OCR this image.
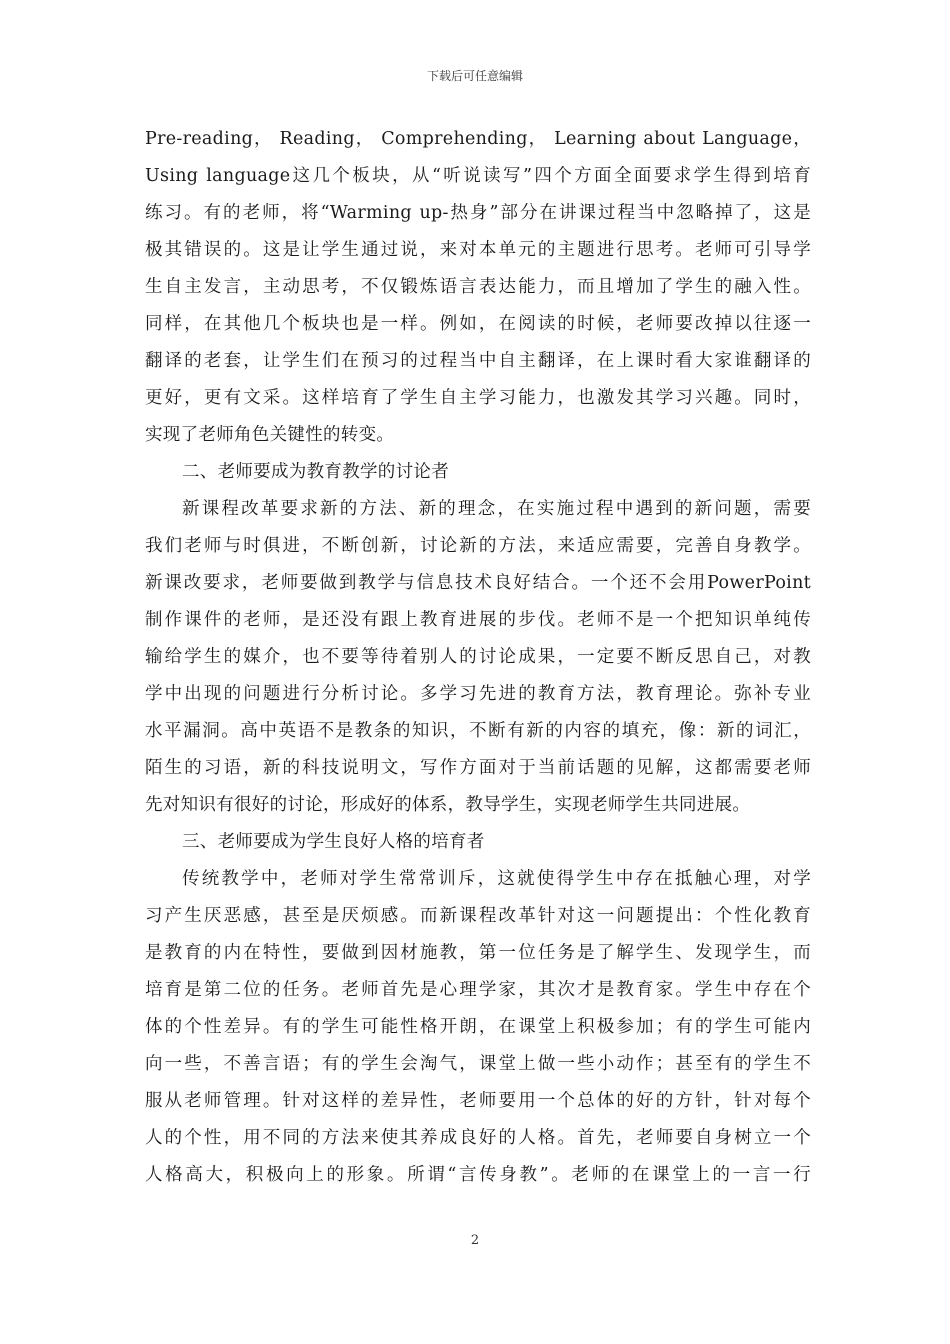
下载后可任意编辑
Pre-reading， Reading， Comprehending， Learning about Language，
Using language这几个板块，从“听说读写”四个方面全面要求学生得到培育
练习。有的老师，将“Warming up-热身”部分在讲课过程当中忽略掉了，这是
极其错误的。这是让学生通过说，来对本单元的主题进行思考。老师可引导学
生自主发言，主动思考，不仅锻炼语言表达能力，而且增加了学生的融入性。
同样，在其他几个板块也是一样。例如，在阅读的时候，老师要改掉以往逐一
翻译的老套，让学生们在预习的过程当中自主翻译，在上课时看大家谁翻译的
更好，更有文采。这样培育了学生自主学习能力，也激发其学习兴趣。同时，
实现了老师角色关键性的转变。
二、老师要成为教育教学的讨论者
新课程改革要求新的方法、新的理念，在实施过程中遇到的新问题，需要
我们老师与时俱进，不断创新，讨论新的方法，来适应需要，完善自身教学。
新课改要求，老师要做到教学与信息技术良好结合。一个还不会用PowerPoint
制作课件的老师，是还没有跟上教育进展的步伐。老师不是一个把知识单纯传
输给学生的媒介，也不要等待着别人的讨论成果，一定要不断反思自己，对教
学中出现的问题进行分析讨论。多学习先进的教育方法，教育理论。弥补专业
水平漏洞。高中英语不是教条的知识，不断有新的内容的填充，像：新的词汇，
陌生的习语，新的科技说明文，写作方面对于当前话题的见解，这都需要老师
先对知识有很好的讨论，形成好的体系，教导学生，实现老师学生共同进展。
三、老师要成为学生良好人格的培育者
传统教学中，老师对学生常常训斥，这就使得学生中存在抵触心理，对学
习产生厌恶感，甚至是厌烦感。而新课程改革针对这一问题提出：个性化教育
是教育的内在特性，要做到因材施教，第一位任务是了解学生、发现学生，而
培育是第二位的任务。老师首先是心理学家，其次才是教育家。学生中存在个
体的个性差异。有的学生可能性格开朗，在课堂上积极参加；有的学生可能内
向一些，不善言语；有的学生会淘气，课堂上做一些小动作；甚至有的学生不
服从老师管理。针对这样的差异性，老师要用一个总体的好的方针，针对每个
人的个性，用不同的方法来使其养成良好的人格。首先，老师要自身树立一个
人格高大，积极向上的形象。所谓“言传身教”。老师的在课堂上的一言一行
2
